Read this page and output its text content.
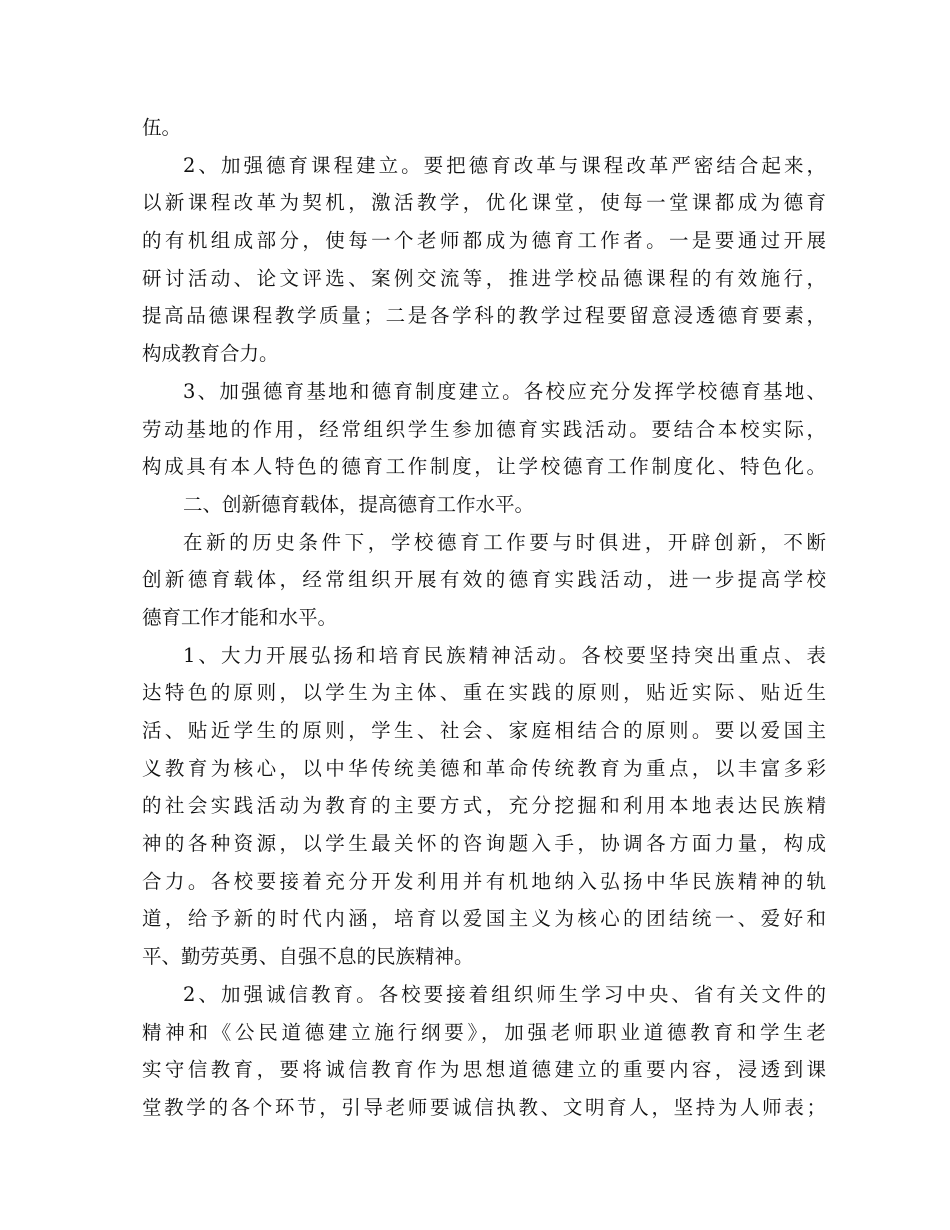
伍。
2、加强德育课程建立。要把德育改革与课程改革严密结合起来，
以新课程改革为契机，激活教学，优化课堂，使每一堂课都成为德育
的有机组成部分，使每一个老师都成为德育工作者。一是要通过开展
研讨活动、论文评选、案例交流等，推进学校品德课程的有效施行，
提高品德课程教学质量；二是各学科的教学过程要留意浸透德育要素，
构成教育合力。
3、加强德育基地和德育制度建立。各校应充分发挥学校德育基地、
劳动基地的作用，经常组织学生参加德育实践活动。要结合本校实际，
构成具有本人特色的德育工作制度，让学校德育工作制度化、特色化。
二、创新德育载体，提高德育工作水平。
在新的历史条件下，学校德育工作要与时俱进，开辟创新，不断
创新德育载体，经常组织开展有效的德育实践活动，进一步提高学校
德育工作才能和水平。
1、大力开展弘扬和培育民族精神活动。各校要坚持突出重点、表
达特色的原则，以学生为主体、重在实践的原则，贴近实际、贴近生
活、贴近学生的原则，学生、社会、家庭相结合的原则。要以爱国主
义教育为核心，以中华传统美德和革命传统教育为重点，以丰富多彩
的社会实践活动为教育的主要方式，充分挖掘和利用本地表达民族精
神的各种资源，以学生最关怀的咨询题入手，协调各方面力量，构成
合力。各校要接着充分开发利用并有机地纳入弘扬中华民族精神的轨
道，给予新的时代内涵，培育以爱国主义为核心的团结统一、爱好和
平、勤劳英勇、自强不息的民族精神。
2、加强诚信教育。各校要接着组织师生学习中央、省有关文件的
精神和《公民道德建立施行纲要》，加强老师职业道德教育和学生老
实守信教育，要将诚信教育作为思想道德建立的重要内容，浸透到课
堂教学的各个环节，引导老师要诚信执教、文明育人，坚持为人师表；
